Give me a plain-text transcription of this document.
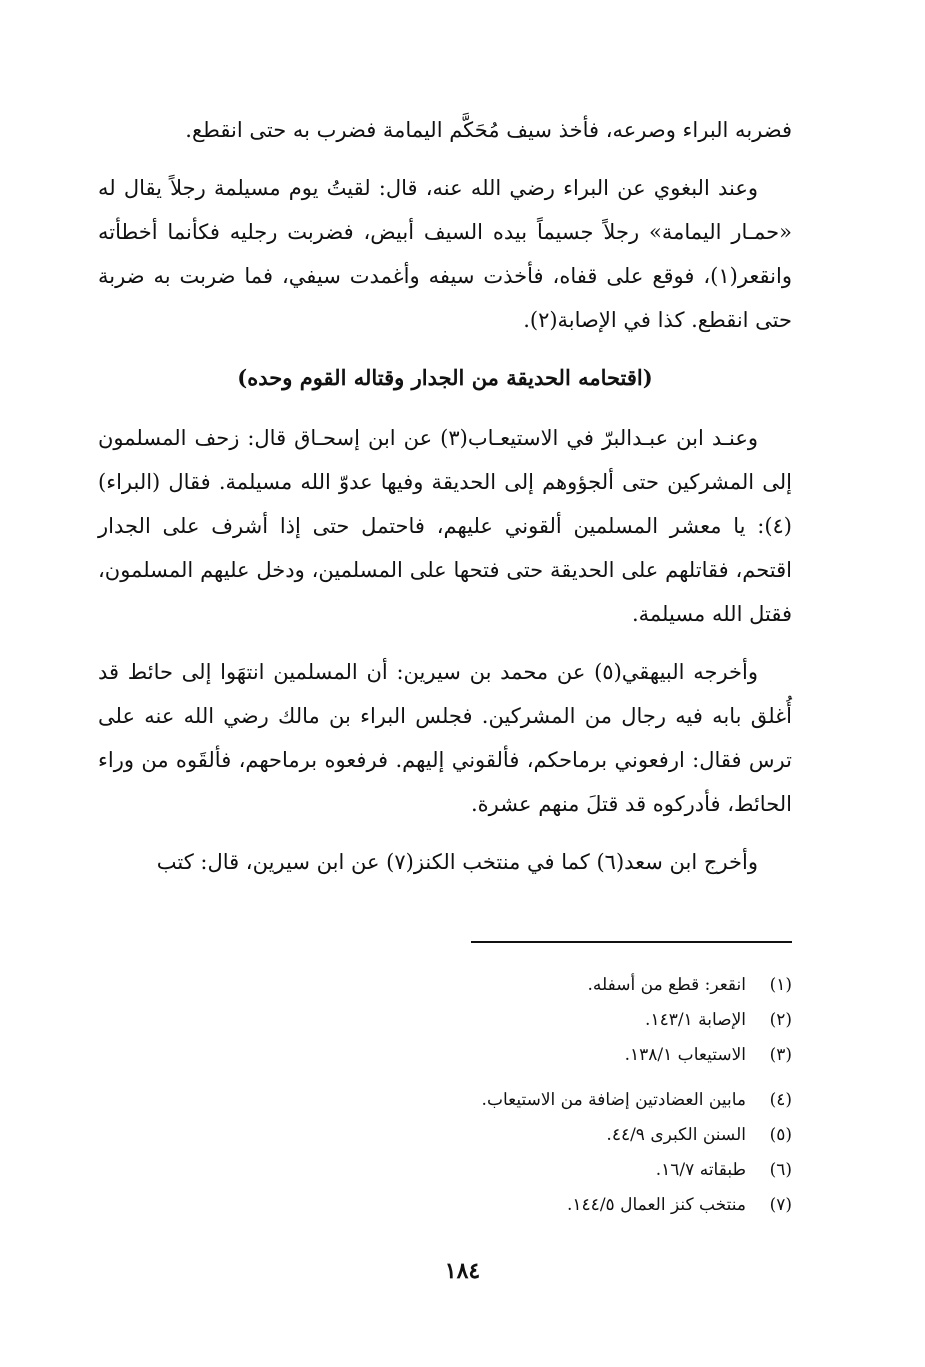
فضربه البراء وصرعه، فأخذ سيف مُحَكَّم اليمامة فضرب به حتى انقطع.

وعند البغوي عن البراء رضي الله عنه، قال: لقيتُ يوم مسيلمة رجلاً يقال له «حمـار اليمامة» رجلاً جسيماً بيده السيف أبيض، فضربت رجليه فكأنما أخطأته وانقعر(١)، فوقع على قفاه، فأخذت سيفه وأغمدت سيفي، فما ضربت به ضربة حتى انقطع. كذا في الإصابة(٢).

(اقتحامه الحديقة من الجدار وقتاله القوم وحده)

وعنـد ابن عبـدالبرّ في الاستيعـاب(٣) عن ابن إسحـاق قال: زحف المسلمون إلى المشركين حتى ألجؤوهم إلى الحديقة وفيها عدوّ الله مسيلمة. فقال (البراء)(٤): يا معشر المسلمين ألقوني عليهم، فاحتمل حتى إذا أشرف على الجدار اقتحم، فقاتلهم على الحديقة حتى فتحها على المسلمين، ودخل عليهم المسلمون، فقتل الله مسيلمة.

وأخرجه البيهقي(٥) عن محمد بن سيرين: أن المسلمين انتهَوا إلى حائط قد أُغلق بابه فيه رجال من المشركين. فجلس البراء بن مالك رضي الله عنه على ترس فقال: ارفعوني برماحكم، فألقوني إليهم. فرفعوه برماحهم، فألقَوه من وراء الحائط، فأدركوه قد قتلَ منهم عشرة.

وأخرج ابن سعد(٦) كما في منتخب الكنز(٧) عن ابن سيرين، قال: كتب

(١)
انقعر: قطع من أسفله.
(٢)
الإصابة ١٤٣/١.
(٣)
الاستيعاب ١٣٨/١.
(٤)
مابين العضادتين إضافة من الاستيعاب.
(٥)
السنن الكبرى ٤٤/٩.
(٦)
طبقاته ١٦/٧.
(٧)
منتخب كنز العمال ١٤٤/٥.
١٨٤
